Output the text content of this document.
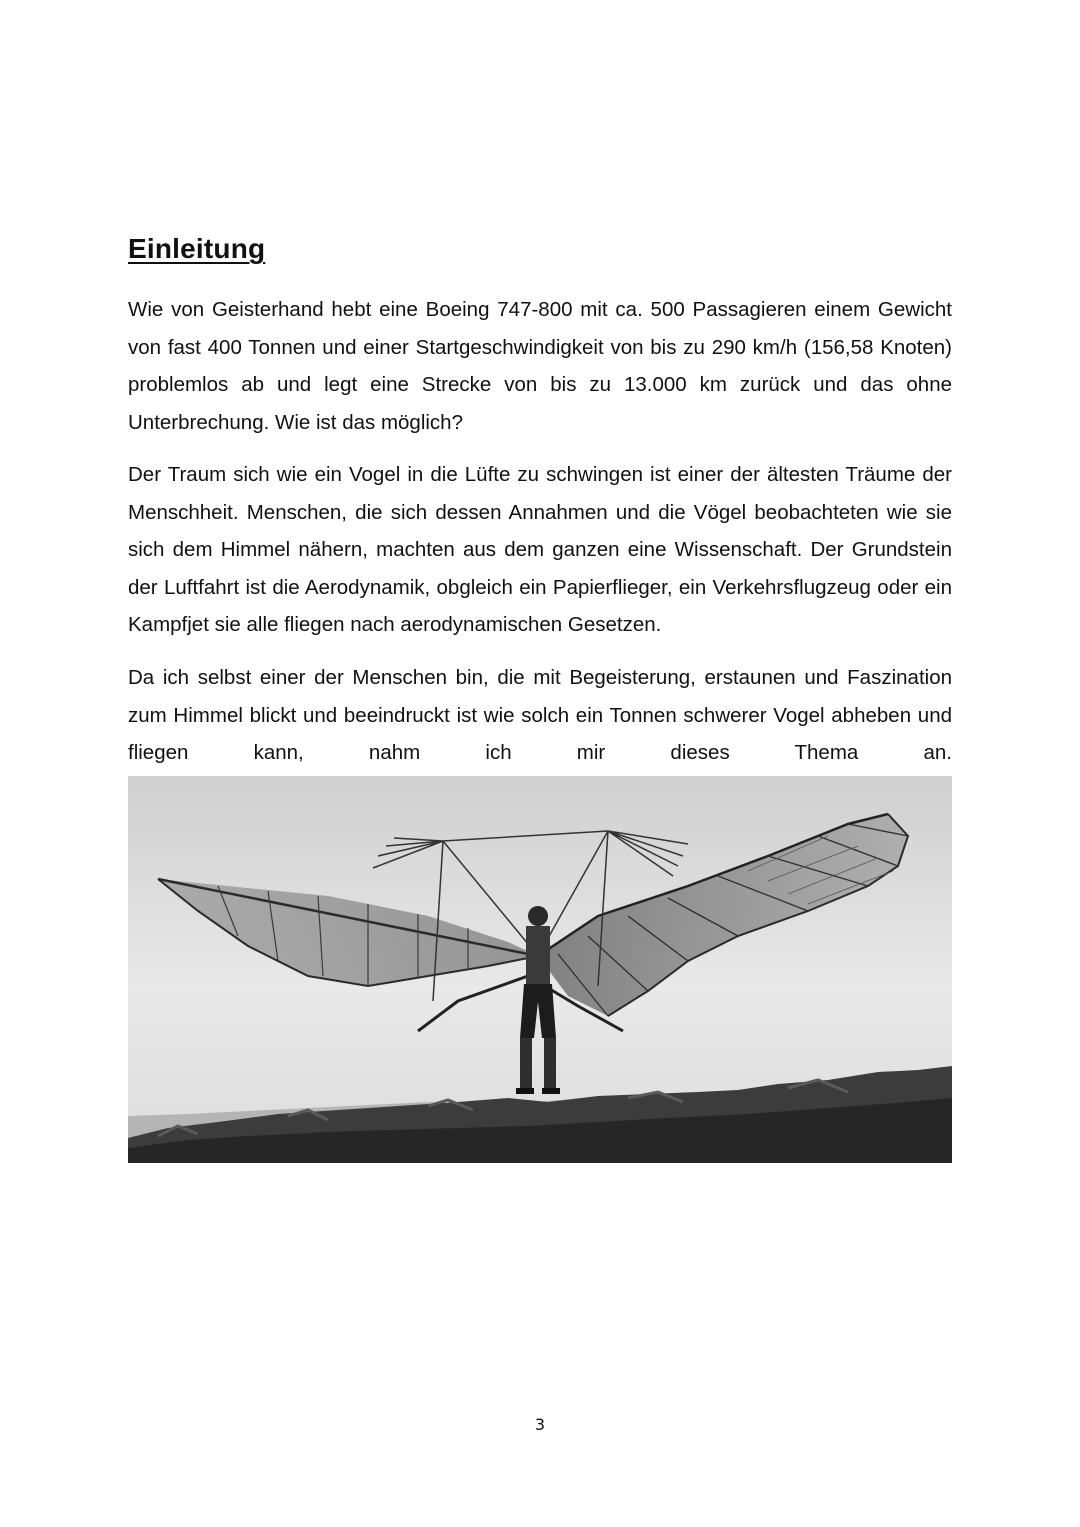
Einleitung

Wie von Geisterhand hebt eine Boeing 747-800 mit ca. 500 Passagieren einem Gewicht von fast 400 Tonnen und einer Startgeschwindigkeit von bis zu 290 km/h (156,58 Knoten) problemlos ab und legt eine Strecke von bis zu 13.000 km zurück und das ohne Unterbrechung. Wie ist das möglich?

Der Traum sich wie ein Vogel in die Lüfte zu schwingen ist einer der ältesten Träume der Menschheit. Menschen, die sich dessen Annahmen und die Vögel beobachteten wie sie sich dem Himmel nähern, machten aus dem ganzen eine Wissenschaft. Der Grundstein der Luftfahrt ist die Aerodynamik, obgleich ein Papierflieger, ein Verkehrsflugzeug oder ein Kampfjet sie alle fliegen nach aerodynamischen Gesetzen.

Da ich selbst einer der Menschen bin, die mit Begeisterung, erstaunen und Faszination zum Himmel blickt und beeindruckt ist wie solch ein Tonnen schwerer Vogel abheben und fliegen kann, nahm ich mir dieses Thema an.

3
